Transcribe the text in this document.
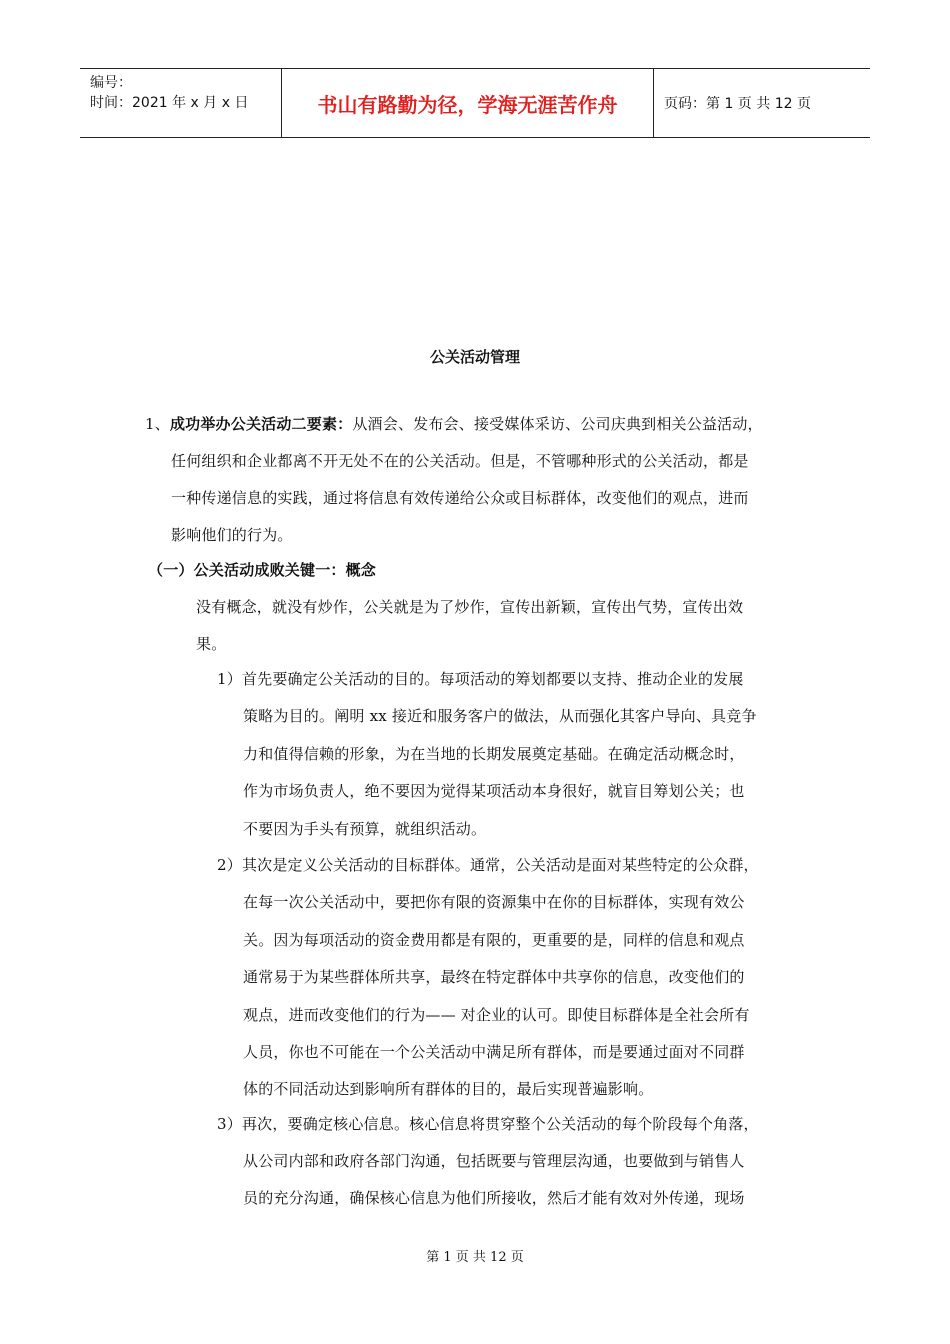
编号：
时间：2021 年 x 月 x 日	书山有路勤为径，学海无涯苦作舟	页码：第 1 页 共 12 页
公关活动管理
1、成功举办公关活动二要素：从酒会、发布会、接受媒体采访、公司庆典到相关公益活动，
任何组织和企业都离不开无处不在的公关活动。但是，不管哪种形式的公关活动，都是
一种传递信息的实践，通过将信息有效传递给公众或目标群体，改变他们的观点，进而
影响他们的行为。
（一）公关活动成败关键一：概念
没有概念，就没有炒作，公关就是为了炒作，宣传出新颖，宣传出气势，宣传出效
果。
1）首先要确定公关活动的目的。每项活动的筹划都要以支持、推动企业的发展
策略为目的。阐明 xx 接近和服务客户的做法，从而强化其客户导向、具竞争
力和值得信赖的形象，为在当地的长期发展奠定基础。在确定活动概念时，
作为市场负责人，绝不要因为觉得某项活动本身很好，就盲目筹划公关；也
不要因为手头有预算，就组织活动。
2）其次是定义公关活动的目标群体。通常，公关活动是面对某些特定的公众群，
在每一次公关活动中，要把你有限的资源集中在你的目标群体，实现有效公
关。因为每项活动的资金费用都是有限的，更重要的是，同样的信息和观点
通常易于为某些群体所共享，最终在特定群体中共享你的信息，改变他们的
观点，进而改变他们的行为—— 对企业的认可。即使目标群体是全社会所有
人员，你也不可能在一个公关活动中满足所有群体，而是要通过面对不同群
体的不同活动达到影响所有群体的目的，最后实现普遍影响。
3）再次，要确定核心信息。核心信息将贯穿整个公关活动的每个阶段每个角落，
从公司内部和政府各部门沟通，包括既要与管理层沟通，也要做到与销售人
员的充分沟通，确保核心信息为他们所接收，然后才能有效对外传递，现场
第 1 页 共 12 页
